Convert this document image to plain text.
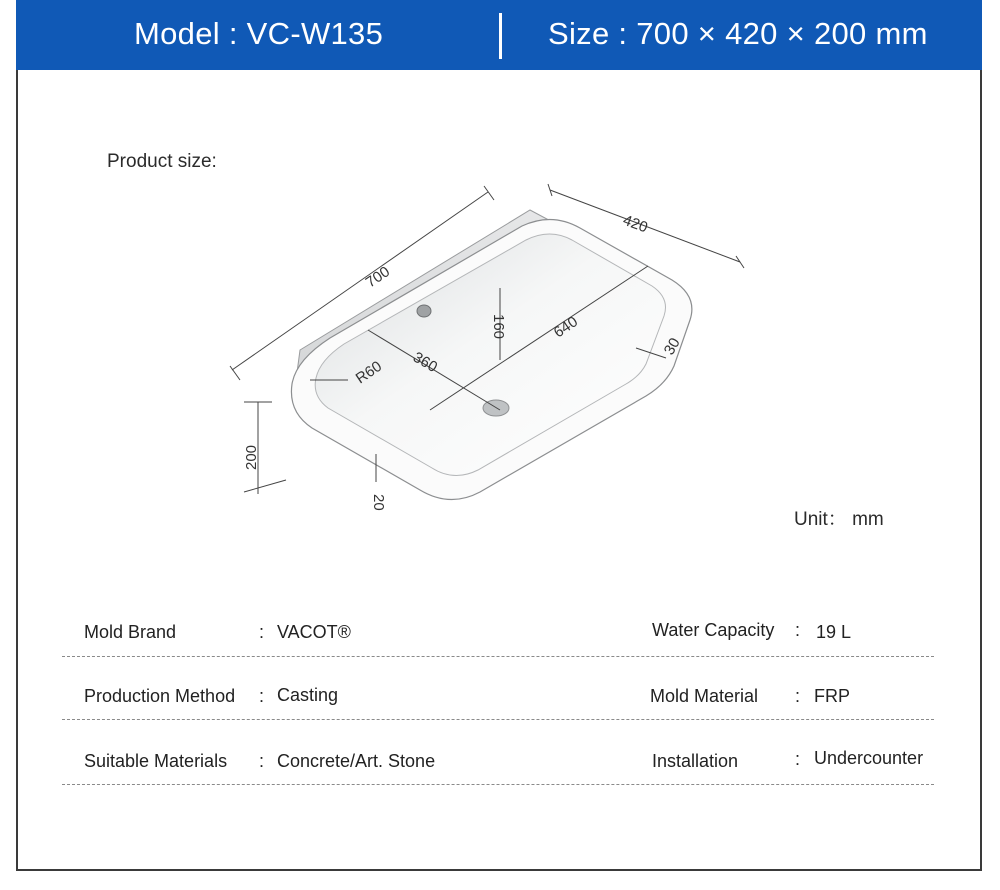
Model : VC-W135	Size : 700 × 420 × 200 mm
Product size:
700
420
200
640
360
160
30
R60
20
Unit： mm
Mold Brand	: VACOT®	Water Capacity : 19 L
Production Method : Casting	Mold Material : FRP
Suitable Materials : Concrete/Art. Stone	Installation	: Undercounter
